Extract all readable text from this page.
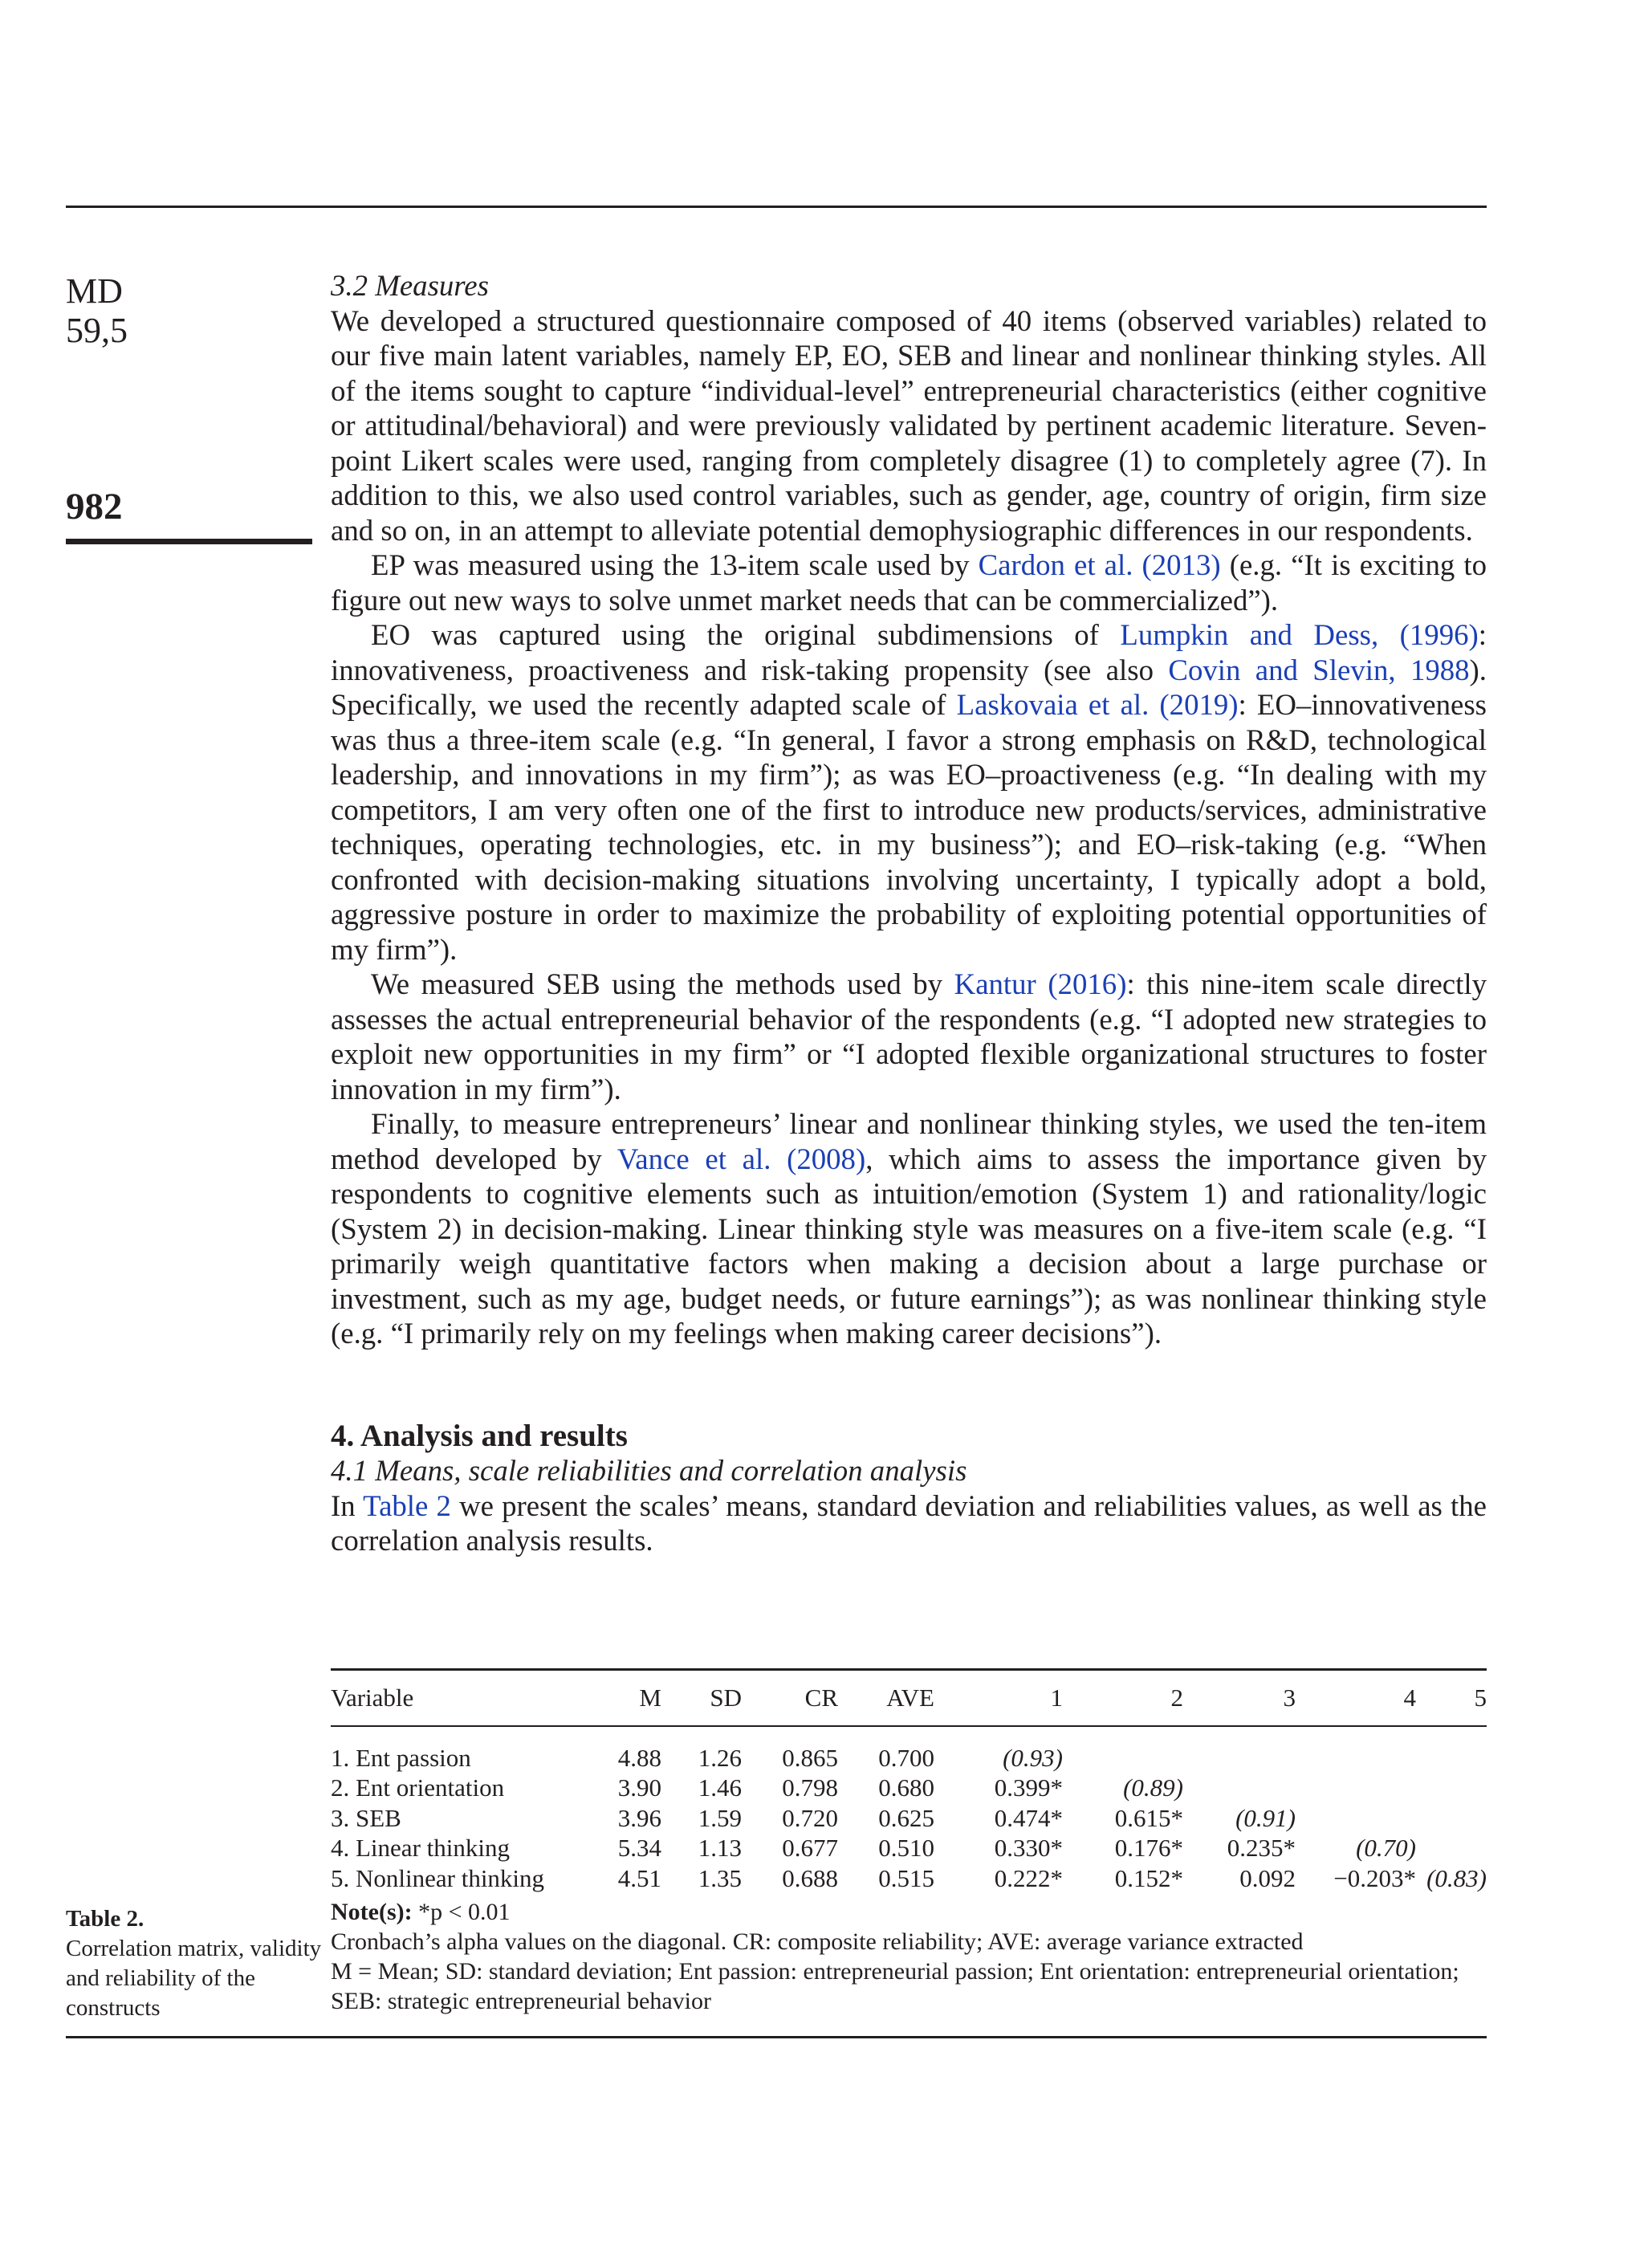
MD
59,5
982
Table 2.
Correlation matrix, validity and reliability of the constructs
3.2 Measures

We developed a structured questionnaire composed of 40 items (observed variables) related to our five main latent variables, namely EP, EO, SEB and linear and nonlinear thinking styles. All of the items sought to capture “individual-level” entrepreneurial characteristics (either cognitive or attitudinal/behavioral) and were previously validated by pertinent academic literature. Seven-point Likert scales were used, ranging from completely disagree (1) to completely agree (7). In addition to this, we also used control variables, such as gender, age, country of origin, firm size and so on, in an attempt to alleviate potential demophysiographic differences in our respondents.

EP was measured using the 13-item scale used by Cardon et al. (2013) (e.g. “It is exciting to figure out new ways to solve unmet market needs that can be commercialized”).

EO was captured using the original subdimensions of Lumpkin and Dess, (1996): innovativeness, proactiveness and risk-taking propensity (see also Covin and Slevin, 1988). Specifically, we used the recently adapted scale of Laskovaia et al. (2019): EO–innovativeness was thus a three-item scale (e.g. “In general, I favor a strong emphasis on R&D, technological leadership, and innovations in my firm”); as was EO–proactiveness (e.g. “In dealing with my competitors, I am very often one of the first to introduce new products/services, administrative techniques, operating technologies, etc. in my business”); and EO–risk-taking (e.g. “When confronted with decision-making situations involving uncertainty, I typically adopt a bold, aggressive posture in order to maximize the probability of exploiting potential opportunities of my firm”).

We measured SEB using the methods used by Kantur (2016): this nine-item scale directly assesses the actual entrepreneurial behavior of the respondents (e.g. “I adopted new strategies to exploit new opportunities in my firm” or “I adopted flexible organizational structures to foster innovation in my firm”).

Finally, to measure entrepreneurs’ linear and nonlinear thinking styles, we used the ten-item method developed by Vance et al. (2008), which aims to assess the importance given by respondents to cognitive elements such as intuition/emotion (System 1) and rationality/logic (System 2) in decision-making. Linear thinking style was measures on a five-item scale (e.g. “I primarily weigh quantitative factors when making a decision about a large purchase or investment, such as my age, budget needs, or future earnings”); as was nonlinear thinking style (e.g. “I primarily rely on my feelings when making career decisions”).

4. Analysis and results
4.1 Means, scale reliabilities and correlation analysis

In Table 2 we present the scales’ means, standard deviation and reliabilities values, as well as the correlation analysis results.

Variable	M	SD	CR	AVE	1	2	3	4	5
1. Ent passion	4.88	1.26	0.865	0.700	(0.93)				
2. Ent orientation	3.90	1.46	0.798	0.680	0.399*	(0.89)			
3. SEB	3.96	1.59	0.720	0.625	0.474*	0.615*	(0.91)		
4. Linear thinking	5.34	1.13	0.677	0.510	0.330*	0.176*	0.235*	(0.70)	
5. Nonlinear thinking	4.51	1.35	0.688	0.515	0.222*	0.152*	0.092	−0.203*	(0.83)
Note(s): *p < 0.01
Cronbach’s alpha values on the diagonal. CR: composite reliability; AVE: average variance extracted
M = Mean; SD: standard deviation; Ent passion: entrepreneurial passion; Ent orientation: entrepreneurial orientation; SEB: strategic entrepreneurial behavior
